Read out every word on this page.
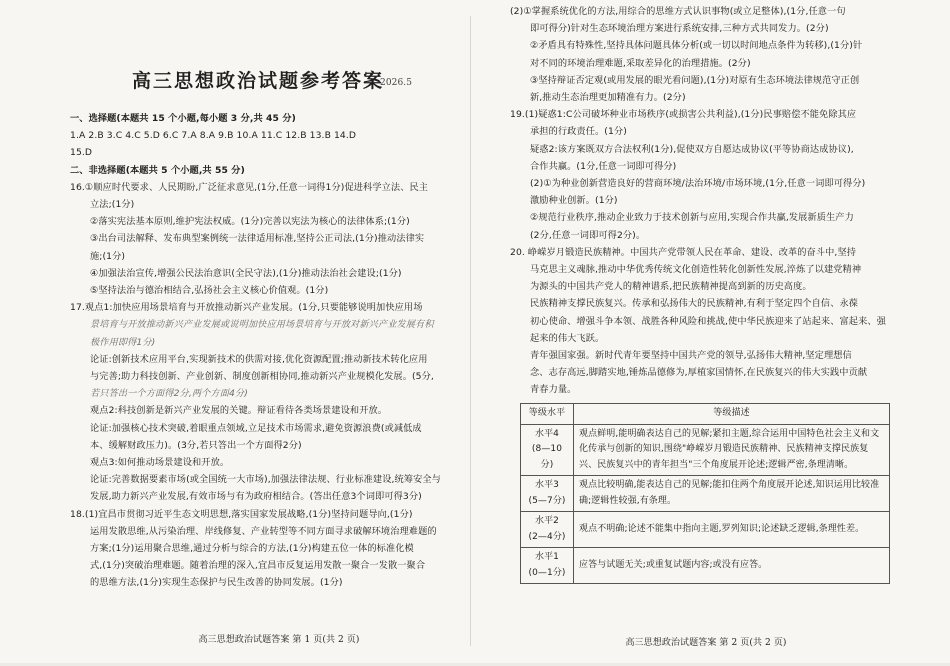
高三思想政治试题参考答案
2026.5

一、选择题(本题共 15 个小题,每小题 3 分,共 45 分)

1.A 2.B 3.C 4.C 5.D 6.C 7.A 8.A 9.B 10.A 11.C 12.B 13.B 14.D

15.D

二、非选择题(本题共 5 个小题,共 55 分)

16.①顺应时代要求、人民期盼,广泛征求意见,(1分,任意一词得1分)促进科学立法、民主

立法;(1分)

②落实宪法基本原则,维护宪法权威。(1分)完善以宪法为核心的法律体系;(1分)

③出台司法解释、发布典型案例统一法律适用标准,坚持公正司法,(1分)推动法律实

施;(1分)

④加强法治宣传,增强公民法治意识(全民守法),(1分)推动法治社会建设;(1分)

⑤坚持法治与德治相结合,弘扬社会主义核心价值观。(1分)

17.观点1:加快应用场景培育与开放推动新兴产业发展。(1分,只要能够说明加快应用场

景培育与开放推动新兴产业发展或说明加快应用场景培育与开放对新兴产业发展有积

极作用即得1分)

论证:创新技术应用平台,实现新技术的供需对接,优化资源配置;推动新技术转化应用

与完善;助力科技创新、产业创新、制度创新相协同,推动新兴产业规模化发展。(5分,

若只答出一个方面得2分,两个方面4分)

观点2:科技创新是新兴产业发展的关键。辩证看待各类场景建设和开放。

论证:加强核心技术突破,着眼重点领域,立足技术市场需求,避免资源浪费(或减低成

本、缓解财政压力)。(3分,若只答出一个方面得2分)

观点3:如何推动场景建设和开放。

论证:完善数据要素市场(或全国统一大市场),加强法律法规、行业标准建设,统筹安全与

发展,助力新兴产业发展,有效市场与有为政府相结合。(答出任意3个词即可得3分)

18.(1)宜昌市贯彻习近平生态文明思想,落实国家发展战略,(1分)坚持问题导向,(1分)

运用发散思维,从污染治理、岸线修复、产业转型等不同方面寻求破解环境治理难题的

方案;(1分)运用聚合思维,通过分析与综合的方法,(1分)构建五位一体的标准化模

式,(1分)突破治理难题。随着治理的深入,宜昌市反复运用发散一聚合一发散一聚合

的思维方法,(1分)实现生态保护与民生改善的协同发展。(1分)

高三思想政治试题答案 第 1 页(共 2 页)

(2)①掌握系统优化的方法,用综合的思维方式认识事物(或立足整体),(1分,任意一句

即可得分)针对生态环境治理方案进行系统安排,三种方式共同发力。(2分)

②矛盾具有特殊性,坚持具体问题具体分析(或一切以时间地点条件为转移),(1分)针

对不同的环境治理难题,采取差异化的治理措施。(2分)

③坚持辩证否定观(或用发展的眼光看问题),(1分)对原有生态环境法律规范守正创

新,推动生态治理更加精准有力。(2分)

19.(1)疑惑1:C公司破坏种业市场秩序(或损害公共利益),(1分)民事赔偿不能免除其应

承担的行政责任。(1分)

疑惑2:该方案既双方合法权利(1分),促使双方自愿达成协议(平等协商达成协议),

合作共赢。(1分,任意一词即可得分)

(2)①为种业创新营造良好的营商环境/法治环境/市场环境,(1分,任意一词即可得分)

激励种业创新。(1分)

②规范行业秩序,推动企业致力于技术创新与应用,实现合作共赢,发展新质生产力

(2分,任意一词即可得2分)。

20. 峥嵘岁月锻造民族精神。中国共产党带领人民在革命、建设、改革的奋斗中,坚持

马克思主义魂脉,推动中华优秀传统文化创造性转化创新性发展,淬炼了以建党精神

为源头的中国共产党人的精神谱系,把民族精神提高到新的历史高度。

民族精神支撑民族复兴。传承和弘扬伟大的民族精神,有利于坚定四个自信、永葆

初心使命、增强斗争本领、战胜各种风险和挑战,使中华民族迎来了站起来、富起来、强

起来的伟大飞跃。

青年强国家强。新时代青年要坚持中国共产党的领导,弘扬伟大精神,坚定理想信

念、志存高远,脚踏实地,锤炼品德修为,厚植家国情怀,在民族复兴的伟大实践中贡献

青春力量。

等级水平	等级描述
水平4
(8—10分)	观点鲜明,能明确表达自己的见解;紧扣主题,综合运用中国特色社会主义和文化传承与创新的知识,围绕"峥嵘岁月锻造民族精神、民族精神支撑民族复兴、民族复兴中的青年担当"三个角度展开论述;逻辑严密,条理清晰。
水平3
(5—7分)	观点比较明确,能表达自己的见解;能扣住两个角度展开论述,知识运用比较准确;逻辑性较强,有条理。
水平2
(2—4分)	观点不明确;论述不能集中指向主题,罗列知识;论述缺乏逻辑,条理性差。
水平1
(0—1分)	应答与试题无关;或重复试题内容;或没有应答。
高三思想政治试题答案 第 2 页(共 2 页)
